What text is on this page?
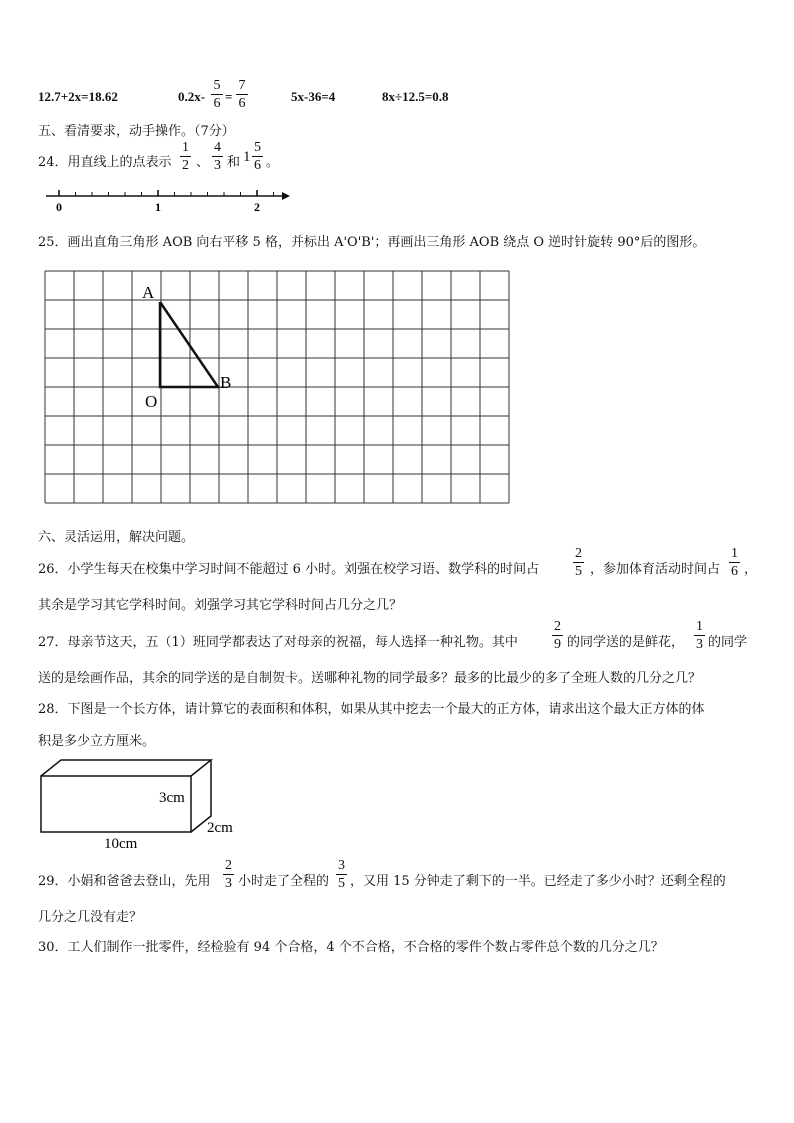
12.7+2x=18.62	0.2x-
5
6 =
7
6	5x-36=4	8x÷12.5=0.8
五、看清要求，动手操作。（7分）
24．用直线上的点表示
1
2 、
4
3 和 1
5
6 。
0	1	2
25．画出直角三角形 AOB 向右平移 5 格，并标出 A'O'B'；再画出三角形 AOB 绕点 O 逆时针旋转 90°后的图形。
A
O
B
六、灵活运用，解决问题。
26．小学生每天在校集中学习时间不能超过 6 小时。刘强在校学习语、数学科的时间占
2
5 ，参加体育活动时间占
1
6 ，
其余是学习其它学科时间。刘强学习其它学科时间占几分之几？
27．母亲节这天，五（1）班同学都表达了对母亲的祝福，每人选择一种礼物。其中
2
9 的同学送的是鲜花，
1
3 的同学
送的是绘画作品，其余的同学送的是自制贺卡。送哪种礼物的同学最多？最多的比最少的多了全班人数的几分之几？
28．下图是一个长方体，请计算它的表面积和体积，如果从其中挖去一个最大的正方体，请求出这个最大正方体的体
积是多少立方厘米。
3cm
2cm
10cm
29．小娟和爸爸去登山，先用
2
3 小时走了全程的
3
5 ，又用 15 分钟走了剩下的一半。已经走了多少小时？还剩全程的
几分之几没有走？
30．工人们制作一批零件，经检验有 94 个合格，4 个不合格，不合格的零件个数占零件总个数的几分之几？
